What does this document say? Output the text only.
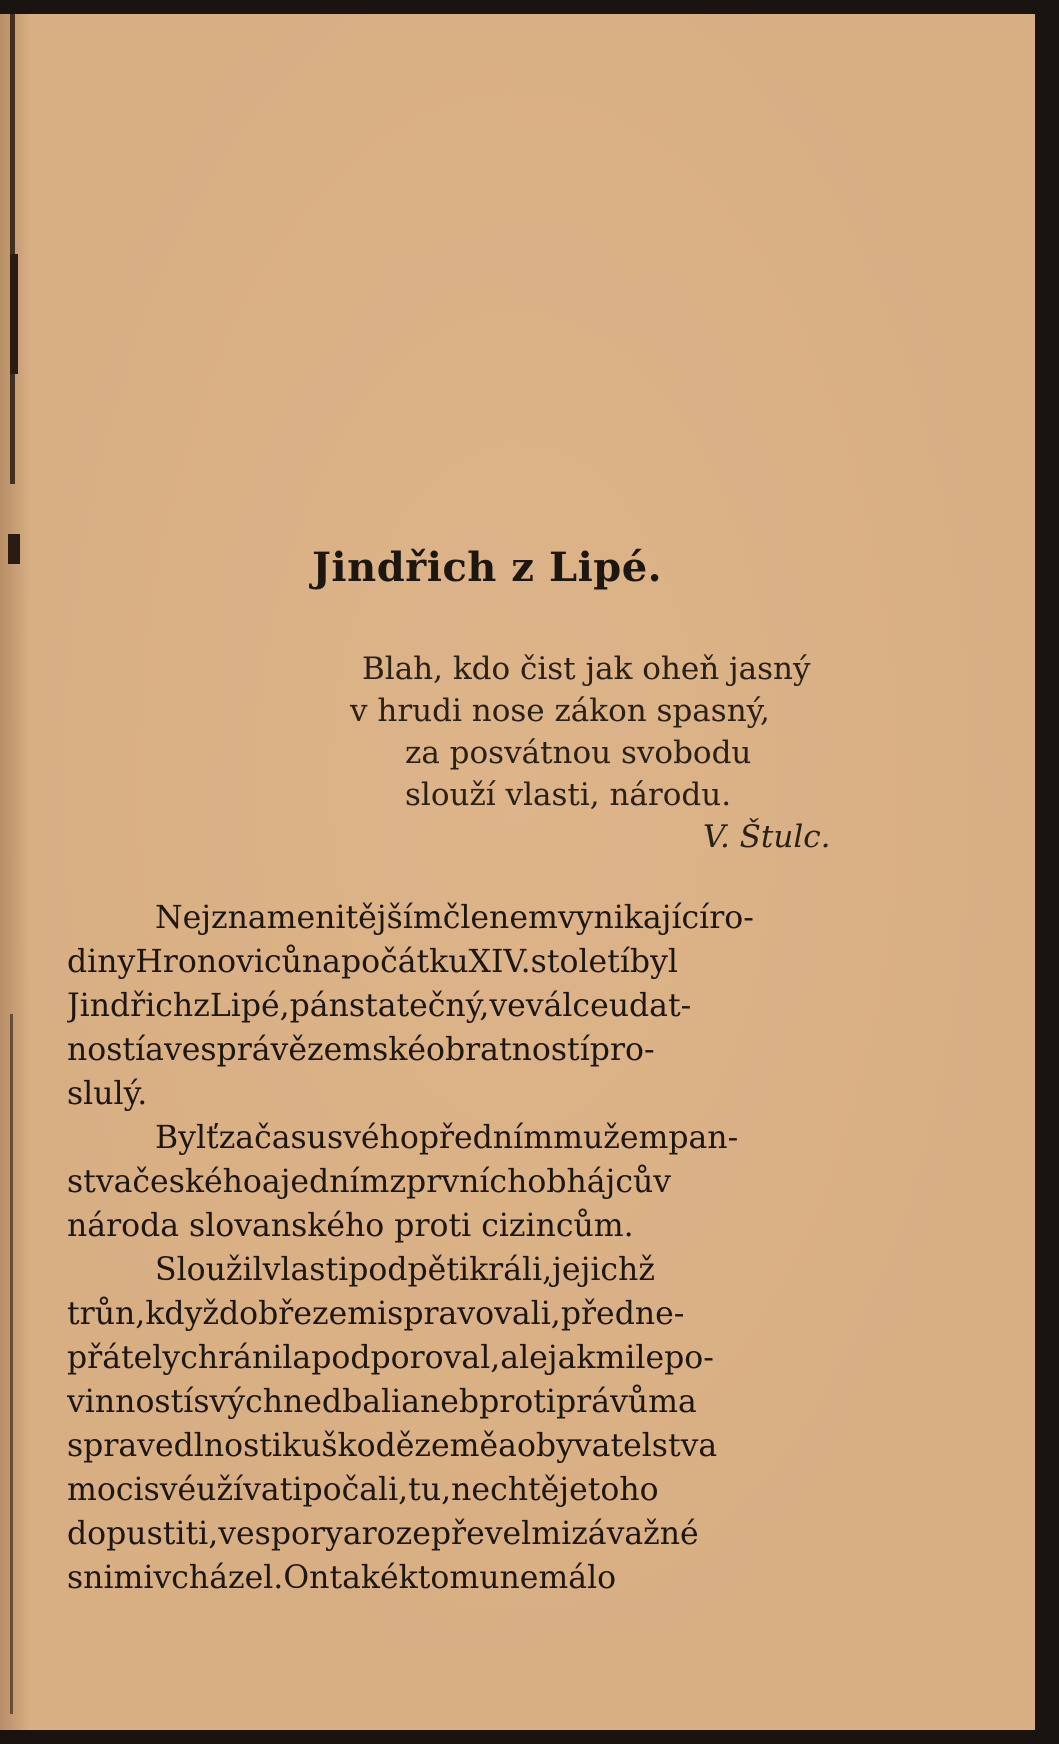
Jindřich z Lipé.
Blah, kdo čist jak oheň jasný
v hrudi nose zákon spasný,
za posvátnou svobodu
slouží vlasti, národu.
V. Štulc.
Nejznamenitějšímčlenemvynikajícíro-
dinyHronovicůnapočátkuXIV.stoletíbyl
JindřichzLipé,pánstatečný,veválceudat-
nostíavesprávězemskéobratnostípro-
slulý.
Bylťzačasusvéhopřednímmužempan-
stvačeskéhoajednímzprvníchobhájcův
národa slovanského proti cizincům.
Sloužilvlastipodpětikráli,jejichž
trůn,kdyždobřezemispravovali,předne-
přátelychránilapodporoval,alejakmilepo-
vinnostísvýchnedbalianebprotiprávůma
spravedlnostikuškodězeměaobyvatelstva
mocisvéužívatipočali,tu,nechtějetoho
dopustiti,vesporyarozepřevelmizávažné
snimivcházel.Ontakéktomunemálo
